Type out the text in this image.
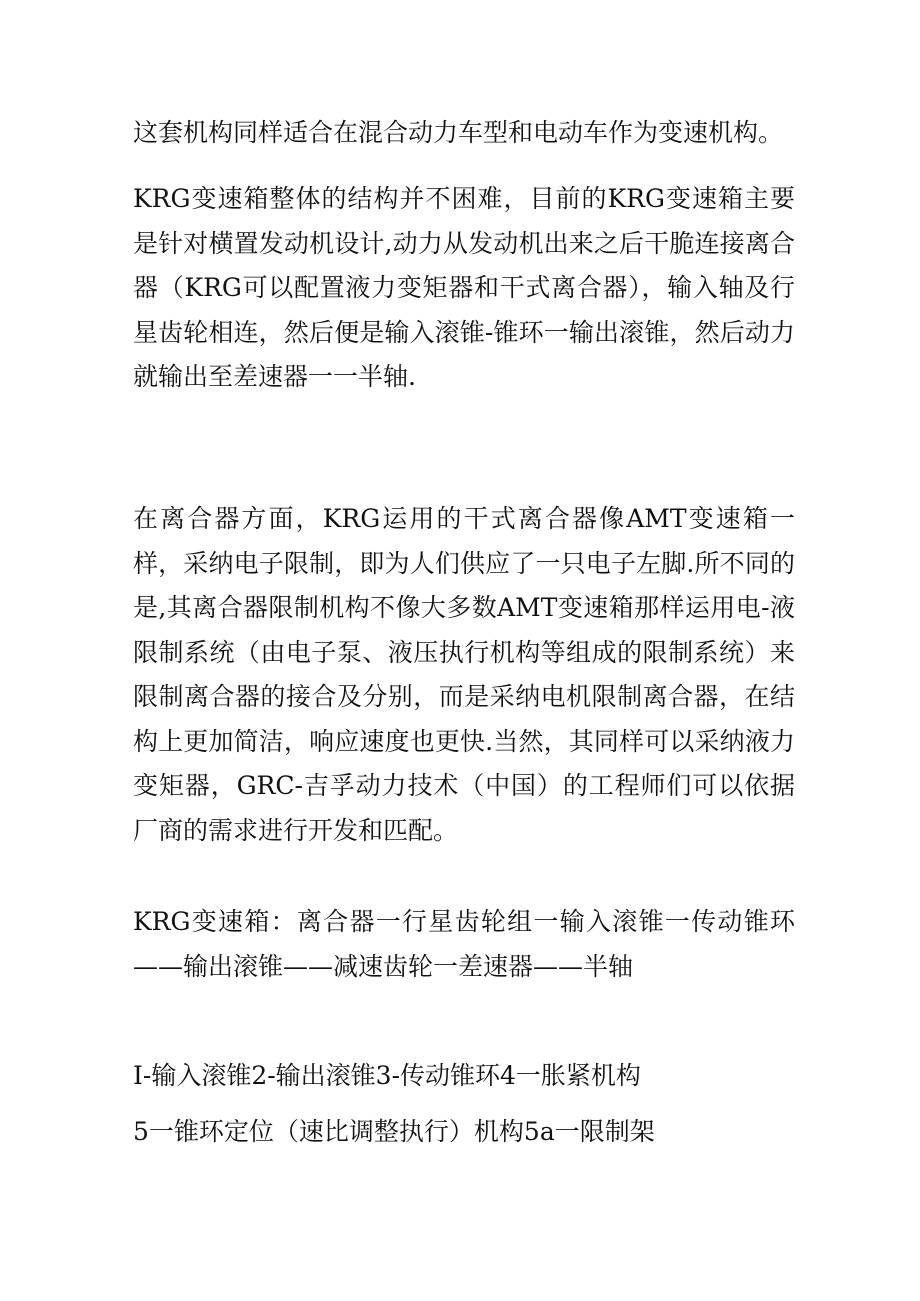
这套机构同样适合在混合动力车型和电动车作为变速机构。

KRG变速箱整体的结构并不困难，目前的KRG变速箱主要是针对横置发动机设计,动力从发动机出来之后干脆连接离合器（KRG可以配置液力变矩器和干式离合器），输入轴及行星齿轮相连，然后便是输入滚锥-锥环一输出滚锥，然后动力就输出至差速器一一半轴.

在离合器方面，KRG运用的干式离合器像AMT变速箱一样，采纳电子限制，即为人们供应了一只电子左脚.所不同的是,其离合器限制机构不像大多数AMT变速箱那样运用电-液限制系统（由电子泵、液压执行机构等组成的限制系统）来限制离合器的接合及分别，而是采纳电机限制离合器，在结构上更加简洁，响应速度也更快.当然，其同样可以采纳液力变矩器，GRC-吉孚动力技术（中国）的工程师们可以依据厂商的需求进行开发和匹配。

KRG变速箱：离合器一行星齿轮组一输入滚锥一传动锥环——输出滚锥——减速齿轮一差速器——半轴

I-输入滚锥2-输出滚锥3-传动锥环4一胀紧机构

5一锥环定位（速比调整执行）机构5a一限制架
